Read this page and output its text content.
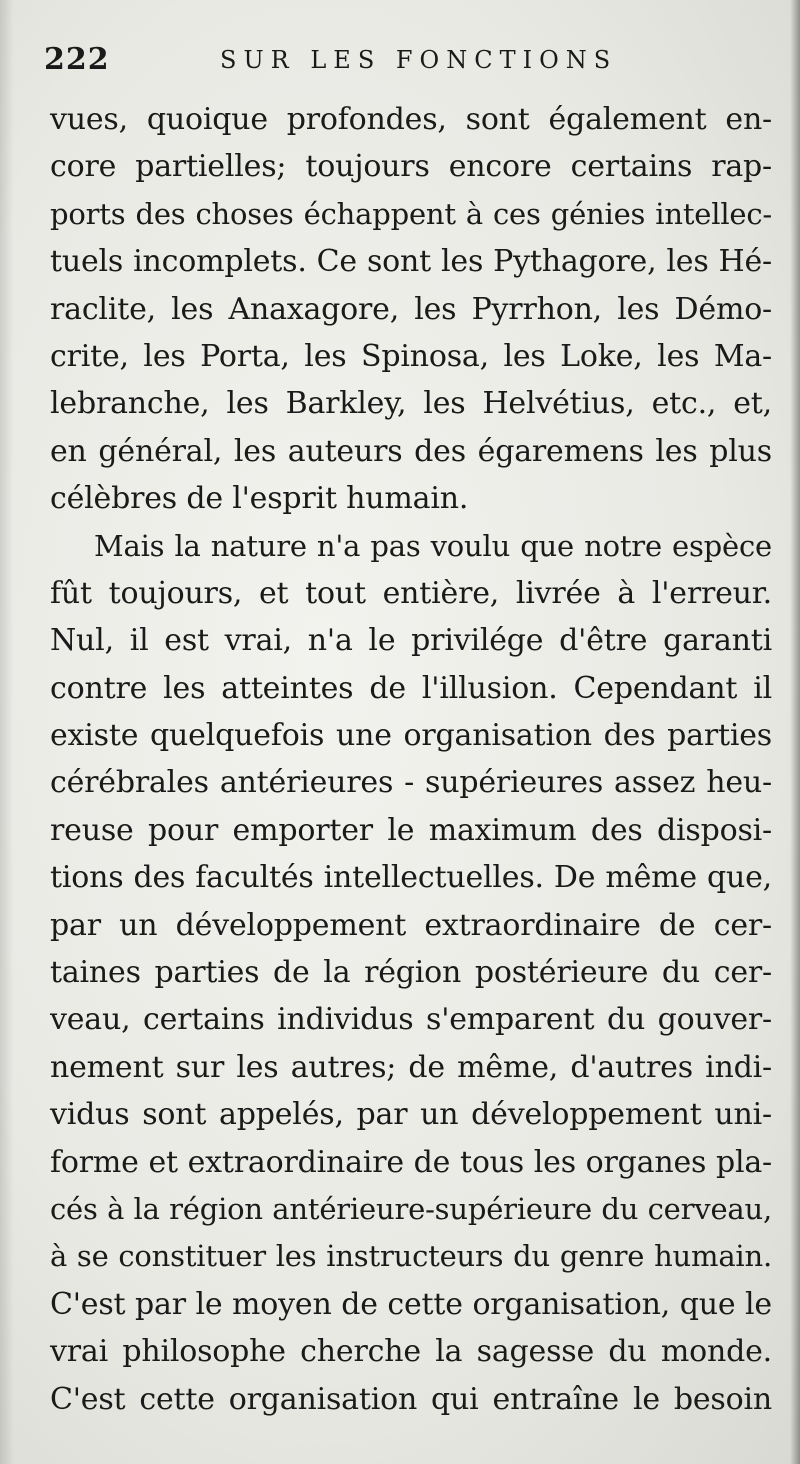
222	SUR LES FONCTIONS
vues, quoique profondes, sont également en-
core partielles; toujours encore certains rap-
ports des choses échappent à ces génies intellec-
tuels incomplets. Ce sont les Pythagore, les Hé-
raclite, les Anaxagore, les Pyrrhon, les Démo-
crite, les Porta, les Spinosa, les Loke, les Ma-
lebranche, les Barkley, les Helvétius, etc., et,
en général, les auteurs des égaremens les plus
célèbres de l'esprit humain.
Mais la nature n'a pas voulu que notre espèce
fût toujours, et tout entière, livrée à l'erreur.
Nul, il est vrai, n'a le privilége d'être garanti
contre les atteintes de l'illusion. Cependant il
existe quelquefois une organisation des parties
cérébrales antérieures - supérieures assez heu-
reuse pour emporter le maximum des disposi-
tions des facultés intellectuelles. De même que,
par un développement extraordinaire de cer-
taines parties de la région postérieure du cer-
veau, certains individus s'emparent du gouver-
nement sur les autres; de même, d'autres indi-
vidus sont appelés, par un développement uni-
forme et extraordinaire de tous les organes pla-
cés à la région antérieure-supérieure du cerveau,
à se constituer les instructeurs du genre humain.
C'est par le moyen de cette organisation, que le
vrai philosophe cherche la sagesse du monde.
C'est cette organisation qui entraîne le besoin
